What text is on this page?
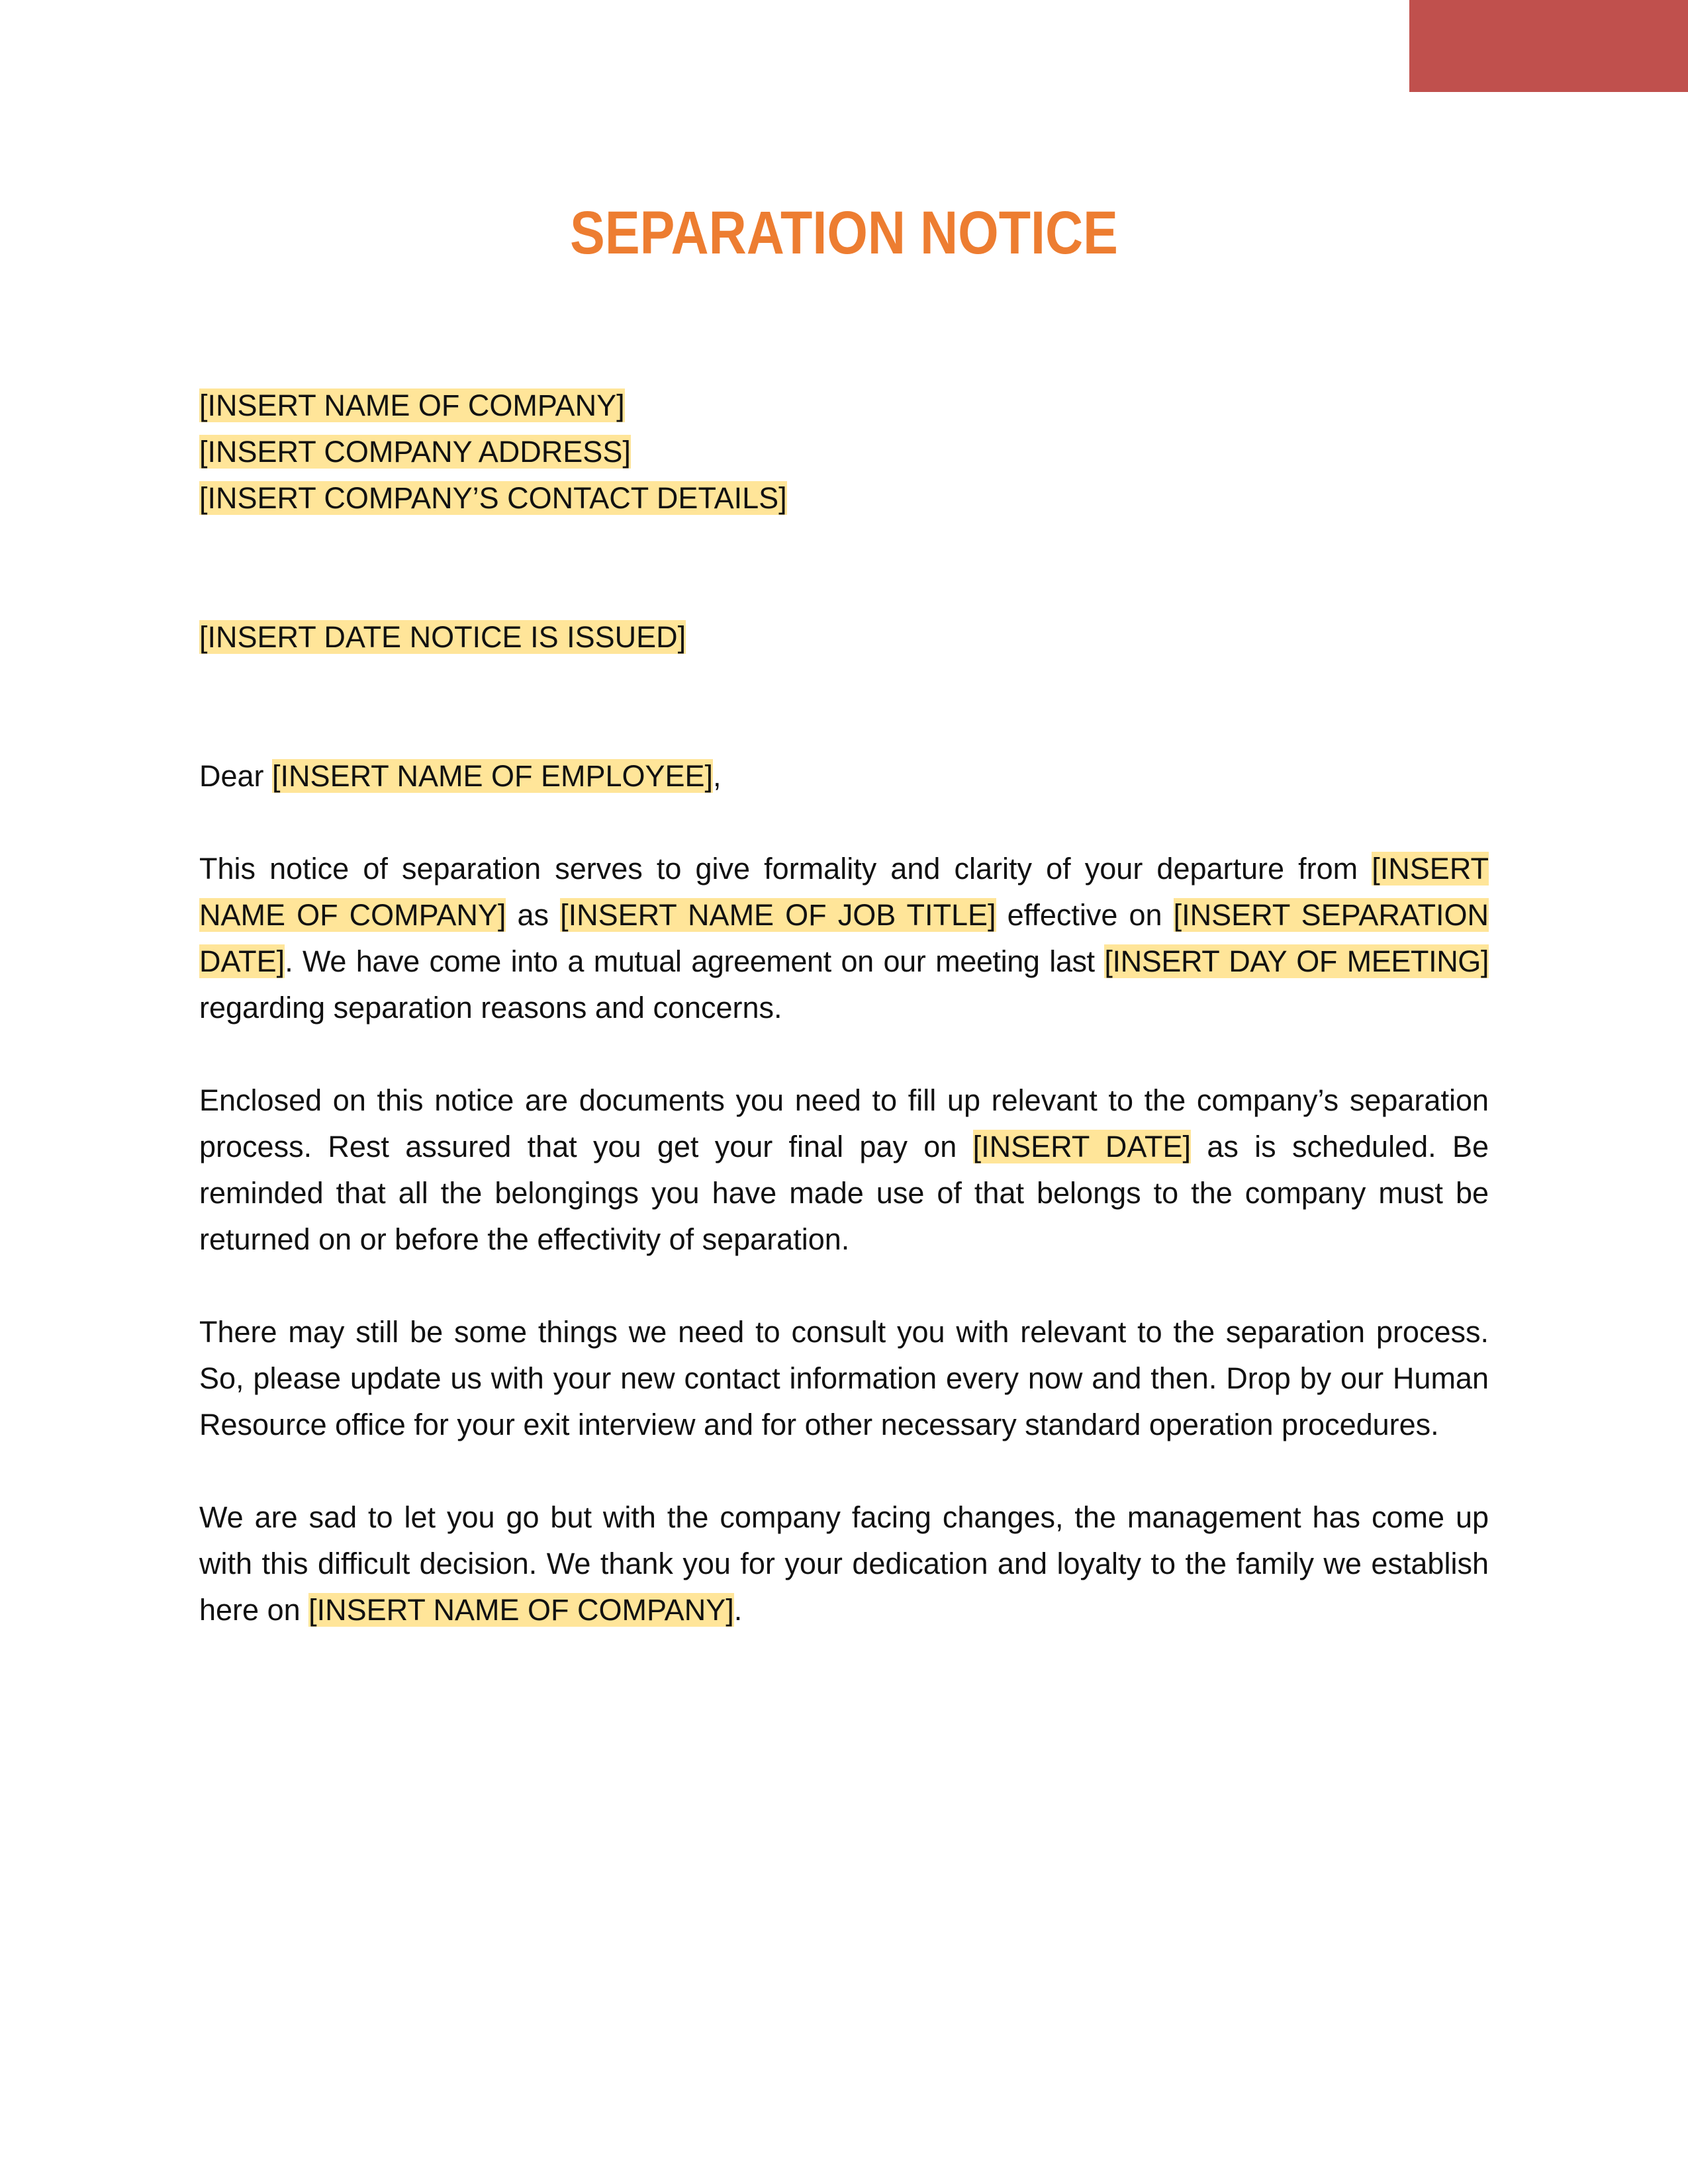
SEPARATION NOTICE
[INSERT NAME OF COMPANY]
[INSERT COMPANY ADDRESS]
[INSERT COMPANY’S CONTACT DETAILS]
[INSERT DATE NOTICE IS ISSUED]
Dear [INSERT NAME OF EMPLOYEE],
This notice of separation serves to give formality and clarity of your departure from [INSERT NAME OF COMPANY] as [INSERT NAME OF JOB TITLE] effective on [INSERT SEPARATION DATE]. We have come into a mutual agreement on our meeting last [INSERT DAY OF MEETING] regarding separation reasons and concerns.
Enclosed on this notice are documents you need to fill up relevant to the company’s separation process. Rest assured that you get your final pay on [INSERT DATE] as is scheduled. Be reminded that all the belongings you have made use of that belongs to the company must be returned on or before the effectivity of separation.
There may still be some things we need to consult you with relevant to the separation process. So, please update us with your new contact information every now and then. Drop by our Human Resource office for your exit interview and for other necessary standard operation procedures.
We are sad to let you go but with the company facing changes, the management has come up with this difficult decision. We thank you for your dedication and loyalty to the family we establish here on [INSERT NAME OF COMPANY].
